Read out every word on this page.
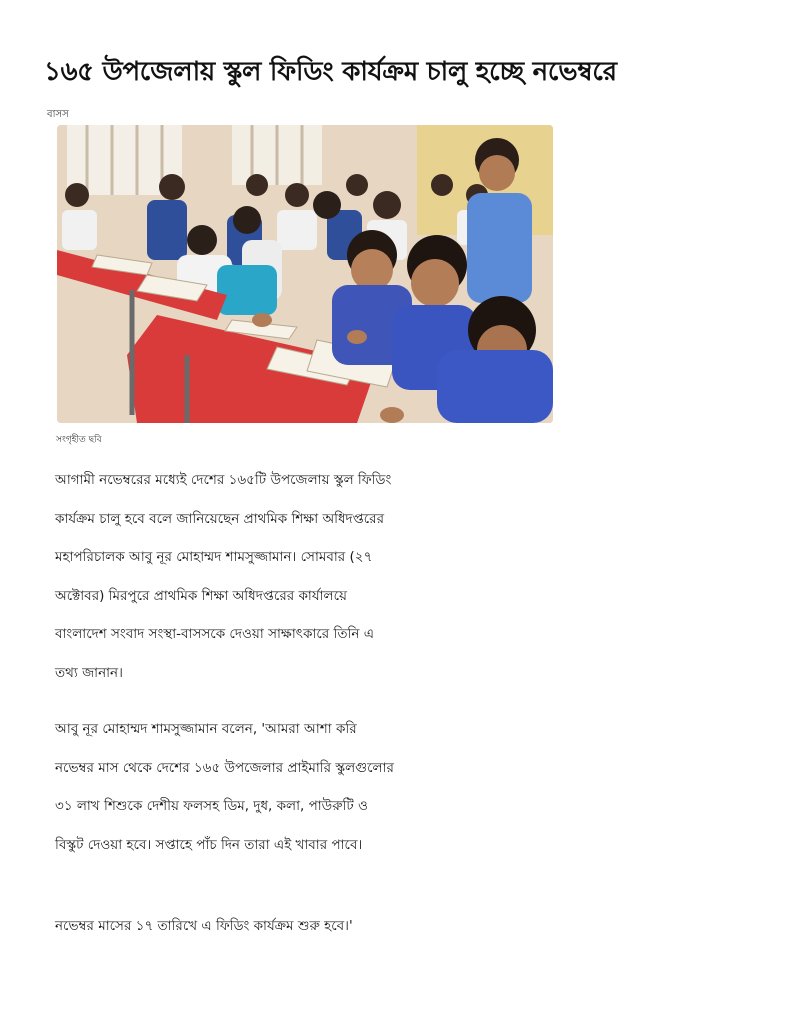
১৬৫ উপজেলায় স্কুল ফিডিং কার্যক্রম চালু হচ্ছে নভেম্বরে
বাসস
সংগৃহীত ছবি
আগামী নভেম্বরের মধ্যেই দেশের ১৬৫টি উপজেলায় স্কুল ফিডিং
কার্যক্রম চালু হবে বলে জানিয়েছেন প্রাথমিক শিক্ষা অধিদপ্তরের
মহাপরিচালক আবু নূর মোহাম্মদ শামসুজ্জামান। সোমবার (২৭
অক্টোবর) মিরপুরে প্রাথমিক শিক্ষা অধিদপ্তরের কার্যালয়ে
বাংলাদেশ সংবাদ সংস্থা-বাসসকে দেওয়া সাক্ষাৎকারে তিনি এ
তথ্য জানান।
আবু নূর মোহাম্মদ শামসুজ্জামান বলেন, 'আমরা আশা করি
নভেম্বর মাস থেকে দেশের ১৬৫ উপজেলার প্রাইমারি স্কুলগুলোর
৩১ লাখ শিশুকে দেশীয় ফলসহ ডিম, দুধ, কলা, পাউরুটি ও
বিস্কুট দেওয়া হবে। সপ্তাহে পাঁচ দিন তারা এই খাবার পাবে।
নভেম্বর মাসের ১৭ তারিখে এ ফিডিং কার্যক্রম শুরু হবে।'
